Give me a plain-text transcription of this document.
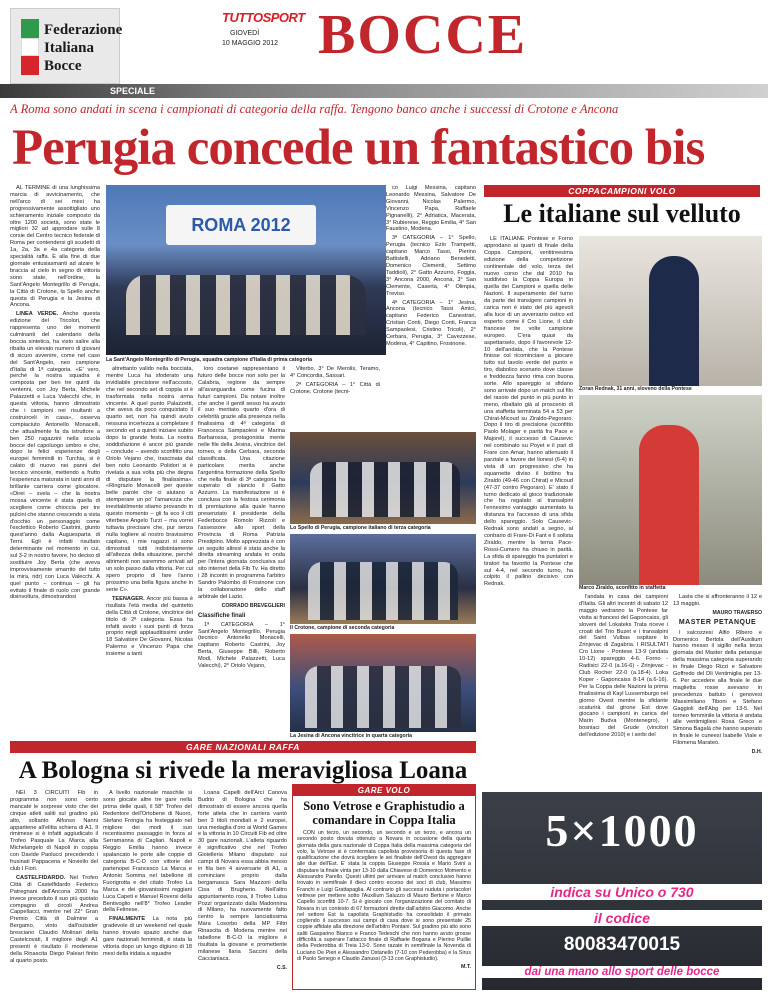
Federazione
Italiana
Bocce
TUTTOSPORT
GIOVEDÌ
10 MAGGIO 2012 BOCCE
SPECIALE
A Roma sono andati in scena i campionati di categoria della raffa. Tengono banco anche i successi di Crotone e Ancona
Perugia concede un fantastico bis

AL TERMINE di una lunghissima marcia di avvicinamento, che nell'arco di sei mesi ha progressivamente assottigliato uno schieramento iniziale composto da oltre 1200 società, sono state le migliori 32 ad approdare sulle 8 corsie del Centro tecnico federale di Roma per contendersi gli scudetti di 1a, 2a, 3a e 4a categoria della specialità raffa. È alla fine di due giornate entusiasmanti ad alzare le braccia al cielo in segno di vittoria sono state, nell'ordine, la Sant'Angelo Montegrillo di Perugia, la Città di Crotone, la Spello anche questa di Perugia e la Jesina di Ancona.

LINEA VERDE. Anche questa edizione del Tricolori, che rappresenta uno dei momenti culminanti del calendario della boccia sintetica, ha visto salire alla ribalta un elevato numero di giovani di sicuro avvenire, come nel caso del Sant'Angelo, neo campione d'Italia di 1ª categoria. «E' vero, perché la nostra squadra è composta per ben tre quinti da ventenni, con Joy Berta, Michele Palazzetti e Luca Valecchi che, in questa vittoria, hanno dimostrato che i campioni nei risultanti a costruirceli in casa», osserva compiaciuto Antonello Monacelli, che attualmente fa da istruttore a ben 250 ragazzini nella scuola bocce del capoluogo umbro e che, dopo le felici esperienze degli europei femminili in Turchia, si è calato di nuovo nei panni del tecnico vincente, mettendo a frutto l'esperienza maturata in tanti anni di brillante carriera come giocatore. «Direi – svela – che la nostra mossa vincente è stata quella di scegliere come chioccia per tre pulcini che stanno crescendo a vista d'occhio un personaggio come l'esclettico Roberto Castrini, giunto quest'anno dalla Auguesparta di Terni. Egli è infatti risultato determinante nel momento in cui, sul 3-2 in nostro favore, ho deciso di sostituire Joy Berta (che aveva improvvisamente smarrito del tutto la mira, ndr) con Luca Valecchi. A quel punto – continua – gli ha evitato il finale di ruolo con grande disinvoltura, dimostrandosi

ROMA 2012
La Sant'Angelo Montegrillo di Perugia, squadra campione d'Italia di prima categoria

altrettanto valido nella bocciata, mentre Luca ha sfoderato una invidiabile precisione nell'accosto, che nel secondo set di coppia si è trasformata nella nostra arma vincente. A quel punto Palazzetti, che aveva da poco conquistato il quarto set, non ha quindi avuto nessuna incertezza a completare il secondo ed a quindi iniziare subito dopo la grande festa. La nostra soddisfazione è ancor più grande – conclude – avendo sconfitto una Oriolo Vejano che, trascinata dal ben noto Leonardo Polidori si è rivelata a sua volta più che degna di disputare la finalissima». «Ringrazio Monacelli per queste belle parole che ci aiutano a stemperare un po' l'amarezza che inevitabilmente stiamo provando in questo momento – gli fa eco il citi viterbese Angelo Turzi – ma vorrei tuttavia precisare che, pur senza nulla togliere al nostro bravissimo capitano, i mie ragazzi si sono dimostrati tutti indistintamente all'altezza della situazione, perché altrimenti non saremmo arrivati ad un solo passo dalla vittoria. Per cui spero proprio di fare l'anno prossimo una bella figura anche in serie C».

TEENAGER. Ancor più bassa è risultata l'età media del quintetto della Città di Crotone, vincitrice del titolo di 2ª categoria. Essa ha infatti avuto i suoi punti di forza proprio negli applauditissimi under 18 Salvatore De Giovanni, Nicolas Palermo e Vincenzo Papa che insieme a tanti

loro coetanei rappresentano il futuro delle bocce non solo per la Calabria, regione da sempre all'avanguardia come fucina di futuri campioni. Da notare inoltre che anche il gentil sesso ha avuto il suo meritato quarto d'ora di celebrità grazie alla presenza nella finalissima di 4ª categoria di Francesca Sampaolesi e Marina Barbarossa, protagonista mente nelle file della Jesina, vincitrice del torneo, e della Cerbara, seconda classificata. Una citazione particolare merita anche l'argentina formazione della Spello che nella finale di 3ª categoria ha superato di slancio il Gatto Azzurro. La manifestazione si è conclusa con la festosa cerimonia di premiazione alla quale hanno presenziato il presidente della Federbocce Romolo Rizzoli e l'assessore allo sport della Provincia di Roma Patrizia Prestipino. Molto apprezzata è con un seguito altresì è stata anche la diretta streaming andata in onda per l'intera giornata conclusiva sul sito internet della Fib Tv. Ha diretto i 28 incontri in programma l'arbitro Sandro Palombo di Frosinone con la collaborazione dello staff arbitrale del Lazio.

CORRADO BREVEGLIERI
Classifiche finali

1ª CATEGORIA – 1° Sant'Angelo Montegrillo, Perugia (tecnico Antonello Monacelli, capitano Roberto Castrini, Joy Berta, Giuseppe Billi, Roberto Modi, Michele Palazzetti, Luca Valecchi), 2° Oriolo Vejano,

Viterbo, 3° De Merolis, Teramo, 4° Concordia, Sassari.

2ª CATEGORIA – 1° Città di Crotone, Crotone (tecni-

co Luigi Messina, capitano Leonardo Messina, Salvatore De Giovanni, Nicolas Palermo, Vincenzo Papa, Raffaele Pignanelli), 2° Adriatica, Macerata, 3° Rubierese, Reggio Emilia, 4° San Faustino, Modena.

3ª CATEGORIA – 1° Spello, Perugia (tecnico Ezio Trampetti, capitano Marco Tassi, Pierino Battistelli, Adriano Benedetti, Domenico Clementi, Settimo Taddioli), 2° Gatto Azzurro, Foggia, 3° Ancona 2000, Ancona, 3° San Clemente, Caserta, 4° Olimpia, Treviso.

4ª CATEGORIA – 1° Jesina, Ancona (tecnico Tassi Amici, capitano Federico Canestrari, Cristian Conti, Diego Conti, Franca Sampaolesi, Cristino Tricoli), 2° Cerbara, Perugia, 3° Cavezzese, Modena, 4° Capitino, Frosinone.

Lo Spello di Perugia, campione italiano di terza categoria
Il Crotone, campione di seconda categoria
La Jesina di Ancona vincitrice in quarta categoria
COPPACAMPIONI VOLO
Le italiane sul velluto

LE ITALIANE Pontese e Forno approdano ai quarti di finale della Coppa Campioni, ventitreesima edizione della competizione continentale del volo, terza del nuovo corso che dal 2010 ha suddiviso la Coppa Europa in quella dei Campioni e quella delle Nazioni. Il superamento del turno da parte dei transigeni campioni in carica non è stato del più agevoli alla luce di un avversario ostico ed esperto come il Cro Lione, il club francese tre volte campione europeo. C'era quasi da aspettarselo, dopo il favorevole 12-10 dell'andata, che la Pontese finisse col ricominciare a giocare tutto sul tavolo verde del punto e tiro, diabolico scenario dove classe e freddezza fanno rima con buona sorte. Allo spareggio si sfidano sono arrivate dopo un match sul filo del rasoio del punto in più punto in meno, ribaltato già al proscenio di una staffetta terminata 54 a 53 per Chirat-Micoud su Ziraldo-Pegoraro. Dopo il tiro di precisione (sconfitto Paolo Molager e parità fra Pace e Majorel), il successo di Causevic nel combinato su Poyet e il pari di Frare con Amar, hanno attenuato il parziale a favore dei lionesi (6-4) in vista di un progressivo che ha squarnette diviso il bottino fra Ziraldo (49-46 con Chirat) e Micoud (47-37 contro Pegoraro). E' stato il turno dedicato al gioco tradizionale che ha regalato al transalpini l'ennesimo vantaggio aumentato la distanza tra l'accesso di una sfida dello spareggio. Solo Causevic-Rednak sono andati a segno, al contrario di Frare-Di Fant e il solista Ziraldo, mentre la terna Pace-Rossi-Cumero ha chiuso in parità. La sfida di spareggio fra puntatori e tiratori ha favorito la Pontese che sul 4-4, nel secondo turno, ha colpito il pallino decisivo con Rednak.

Zoran Rednak, 31 anni, sloveno della Pontese
Marco Ziraldo, sconfitto in staffetta

l'andata in casa dei campioni d'Italia. Gli altri incontri di sabato 12 maggio vedranno la Pontese far visita ai francesi del Gaponcaiss, gli sloveni del Lokateks Trata riceve i croati del Trio Buzet e i transalpini del Saint Vulbas ospitare lo Zrinjevac di Zagabria. I RISULTATI Cro Lione - Pontese 13-9 (andata 10-12) spareggio 4-6. Forno - Radisici 22-0 (a.16-6) - Zrinjevac - Club Rocher 22-0 (a.18-4). Loka Koper - Gaponcaiss 8-14 (a.6-16). Per la Coppa delle Nazioni la prima finalissima di Kayl Lussemburgo nel giorno Ovest mentre la sfidante scaturirà dal girone Est dove giocano i campioni in carica del Marin Budva (Montenegro), i bosniaci del Grude (vincitori dell'edizione 2010) e i serbi del

Lasta che si affronteranno il 12 e 13 maggio.

MAURO TRAVERSO
MASTER PETANQUE

I salcozzesi Alfio Ribero e Domenico Bertola dell'Auxilium hanno messo il sigillo nella terza giornata del Master della petanque della massima categoria superando in finale Diego Rizzi e Salvatore Goffredo del Dli Ventimiglia per 13-6. Per accedere alla finale le due maglietta rosse avevano in precedenza battuto i genovesi Massimiliano Tiboni e Stefano Gaggioli dell'Abg per 13-5. Nel torneo femminile la vittoria è andata alle ventimigliesi Rosa Greco e Simona Bagalà che hanno superato in finale le cuneesi Isabelle Viale e Filomena Marateo.

D.H.
GARE NAZIONALI RAFFA
A Bologna si rivede la meravigliosa Loana

NEI 3 CIRCUITI Fib in programma non sono certo mancate le sorprese visto che dei cinque atleti saliti sul gradino più alto, soltanto Alfonso Nanni appartiene all'elitta schiera di A1. Il rimimese si è infatti aggiudicato il Trofeo Pasquale La Marca alla Michelangelo di Napoli in coppia con Davide Paolucci precedendo i frusinati Pappacena e Noviello del club I Fiori.

CASTELFIDARDO. Nel Trofeo Città di Castelfidardo Federico Patregnani dell'Ancona 2000 ha invece preceduto il suo più quotato compagno di circoli Andrea Cappellacci, mentre nel 22° Gran Premio Città di Dalmine a Bergamo, vinto dall'outsider bresciano Claudio Molinari della Castelcovati, il migliore degli A1 presenti è risultato il modenese della Rinascita Diego Paleari finito al quarto posto.

A livello nazionale maschile si sono giocate altre tre gare nella prima delle quali, il 58° Trofeo del Redentore dell'Ortobene di Nuoro, Stefano Frongia ha festeggiato nel migliore dei modi il suo recentissimo passaggio in forza al Serramanna di Cagliari. Napoli e Reggio Emilia hanno invece spalancato le porte alle coppie di categoria B-C-D con vittorie del partenopei Francesco La Marca e Antonio Somma nel tabellone di Fuorigrotta e del citato Trofeo La Marca e dei giovanissimi reggiani Luca Capeti e Manuel Roversi della Bentivoglio nell'8° Trofeo Leader della Felinese.

FINALMENTE La nota più gradevole di un weekend nel quale hanno trovato spazio anche due gare nazionali femminili, è stata la vittoria dopo un lungo digiuno di 18 mesi della iridata a squadre

Loana Capelli dell'Arci Canova Budrio di Bologna che ha dimostrato di essere ancora quella forte atleta che in carriera vantò ben 3 titoli mondiali e 2 europei, una medaglia d'oro ai World Games e la vittoria in 10 Circuiti Fib ed oltre 30 gare nazionali. L'atleta riguardo è significativo che nel Trofeo Gioielleria Milano disputato sui campi di Novara essa abbia messo in fila ben 4 avversarie di A1, a cominciare proprio dalla bergamasca Sara Mazzoni della Cisa di Brugherio. Nell'altro appuntamento rosa, il Trofeo Luisa Pozzi organizzato dalla Madonnina di Milano, ha nuovamente fatto centro la sempre lanciatissima Mara Losorbo della MP Filtri Rinascita di Modena mentre nel tabellone B-C-D la migliore è risultata la giovane e promettente milanese Ilaria Saccini della Caccianiaca.

C.S.
GARE VOLO
Sono Vetrose e Graphistudio a comandare in Coppa Italia

CON un terzo, un secondo, un secondo e un terzo, e ancora un secondo posto dovuta ottenuto a Novara in occasione della quarta giornata della gara nazionale di Coppa Italia della massima categoria del volo, la Vetrose si è confermata capolista provvisoria di questa fase di qualificazione che dovrà scegliere le sei finaliste dell'Ovest da aggregare alle due dell'Est. E' stata la coppia Giuseppe Rossia e Mario Svini a disputare la finale vinta per 13-10 dalla Chiavese di Domenico Momento e Alessandro Parello. Questi ultimi per arrivare al match conclusivo hanno trovato in semifinale il dieci contro ecceso dei soci di club, Massimo Franchi e Luigi Grattapaglia. Al contrario gli successi nuduta i portacolori vettrese per mettere sotto l'Auxilium Saluzzo di Mauro Bertone e Marco Capello sconfitti 10-7. Si è giocato con l'organizzazione del comitato di Novara in un contesto di 67 formazioni dirette dall'arbitro Giacomo. Anche nel settore Est la capolista Graphistudio ha consolidato il primato cogliendo il successo sui campi di casa dove si sono presentate 25 coppie affidate alla direzione dell'arbitro Pontani. Sul gradino più alto sono saliti Gasparino Bianco e Franco Tedeschi che non hanno avuto grosse difficoltà a superare l'attacco finale di Raffaele Bogana e Pierino Puillie della Pederobba di Treia 13-0. Sono razate in semifinale la Novenda di Luciano De Pieri e Alessandro Ostanello (7-10 con Pederobba) e la Sirus di Paolo Senego e Claudio Zanussi (3-13 con Graphistudio).

M.T.
5×1000
indica su Unico o 730
il codice
80083470015
dai una mano allo sport delle bocce
